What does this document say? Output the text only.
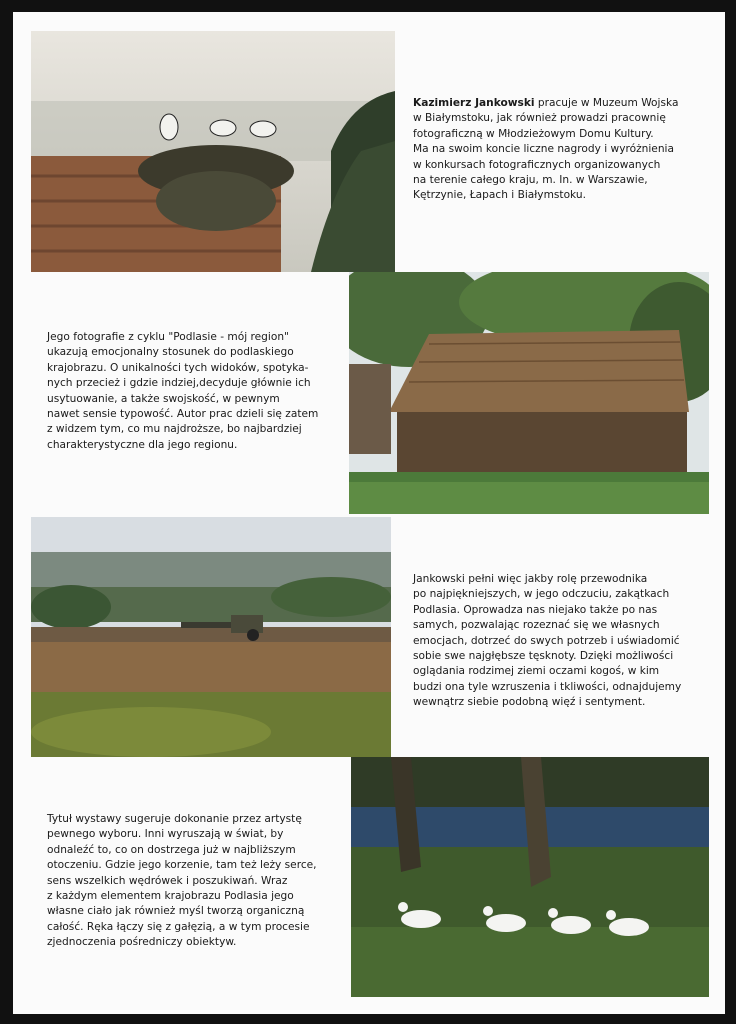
Kazimierz Jankowski pracuje w Muzeum Wojska
w Białymstoku, jak również prowadzi pracownię
fotograficzną w Młodzieżowym Domu Kultury.
Ma na swoim koncie liczne nagrody i wyróżnienia
w konkursach fotograficznych organizowanych
na terenie całego kraju, m. In. w Warszawie,
Kętrzynie, Łapach i Białymstoku.
Jego fotografie z cyklu "Podlasie - mój region"
ukazują emocjonalny stosunek do podlaskiego
krajobrazu. O unikalności tych widoków, spotyka-
nych przecież i gdzie indziej,decyduje głównie ich
usytuowanie, a także swojskość, w pewnym
nawet sensie typowość. Autor prac dzieli się zatem
z widzem tym, co mu najdroższe, bo najbardziej
charakterystyczne dla jego regionu.
Jankowski pełni więc jakby rolę przewodnika
po najpiękniejszych, w jego odczuciu, zakątkach
Podlasia. Oprowadza nas niejako także po nas
samych, pozwalając rozeznać się we własnych
emocjach, dotrzeć do swych potrzeb i uświadomić
sobie swe najgłębsze tęsknoty. Dzięki możliwości
oglądania rodzimej ziemi oczami kogoś, w kim
budzi ona tyle wzruszenia i tkliwości, odnajdujemy
wewnątrz siebie podobną więź i sentyment.
Tytuł wystawy sugeruje dokonanie przez artystę
pewnego wyboru. Inni wyruszają w świat, by
odnaleźć to, co on dostrzega już w najbliższym
otoczeniu. Gdzie jego korzenie, tam też leży serce,
sens wszelkich wędrówek i poszukiwań. Wraz
z każdym elementem krajobrazu Podlasia jego
własne ciało jak również myśl tworzą organiczną
całość. Ręka łączy się z gałęzią, a w tym procesie
zjednoczenia pośredniczy obiektyw.
